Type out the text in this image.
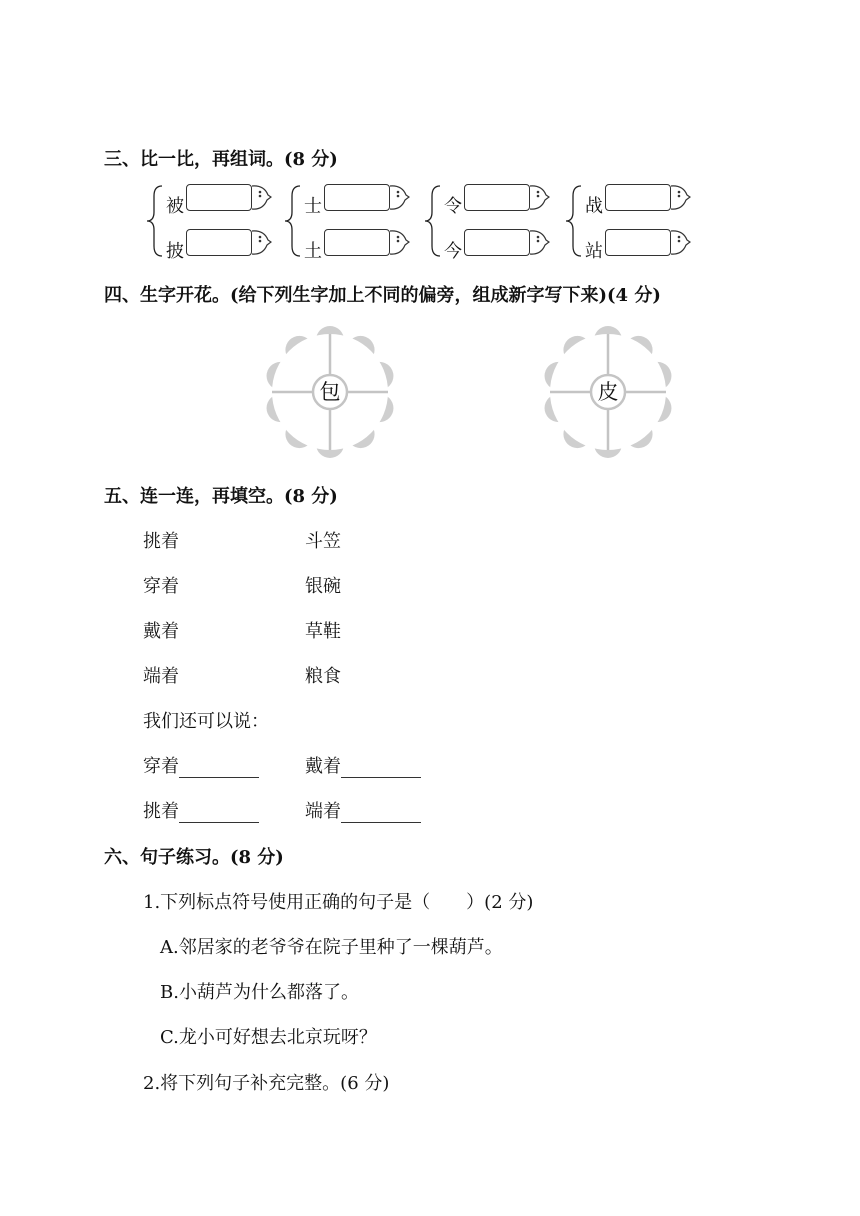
三、比一比，再组词。(8 分)
被
披
士
土
令
今
战
站
四、生字开花。(给下列生字加上不同的偏旁，组成新字写下来)(4 分)
包	皮
五、连一连，再填空。(8 分)
挑着
穿着
戴着
端着
斗笠
银碗
草鞋
粮食
我们还可以说：
穿着	戴着
挑着	端着
六、句子练习。(8 分)
1.下列标点符号使用正确的句子是（　　）(2 分)
A.邻居家的老爷爷在院子里种了一棵葫芦。
B.小葫芦为什么都落了。
C.龙小可好想去北京玩呀？
2.将下列句子补充完整。(6 分)
